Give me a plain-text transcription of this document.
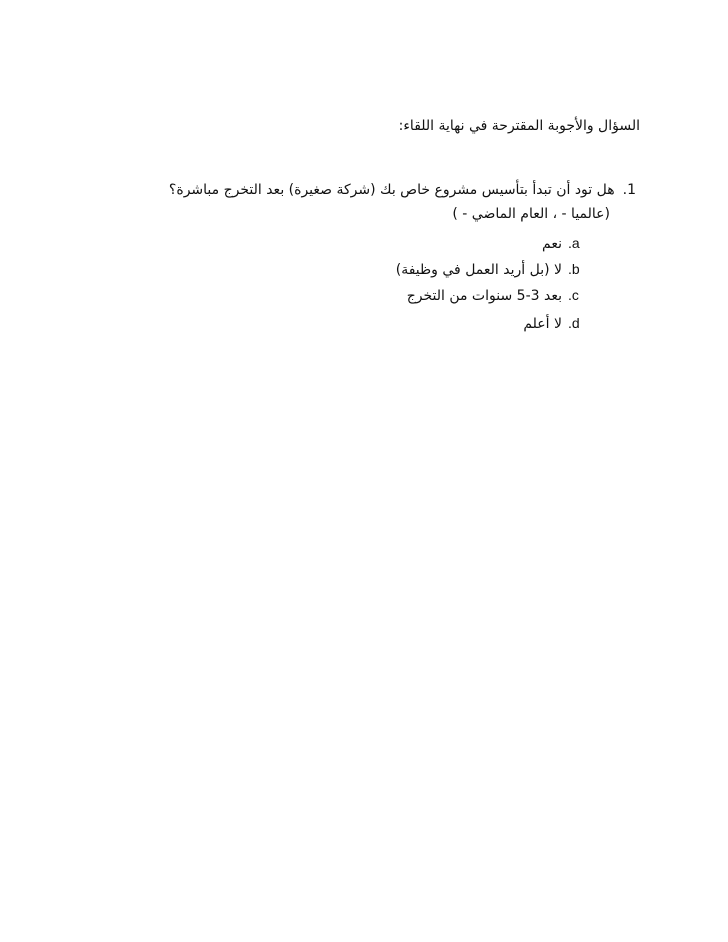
السؤال والأجوبة المقترحة في نهاية اللقاء:
1.هل تود أن تبدأ بتأسيس مشروع خاص بك (شركة صغيرة) بعد التخرج مباشرة؟
(عالميا - ، العام الماضي - )
a.نعم
b.لا (بل أريد العمل في وظيفة)
c.بعد 3-5 سنوات من التخرج
d.لا أعلم
